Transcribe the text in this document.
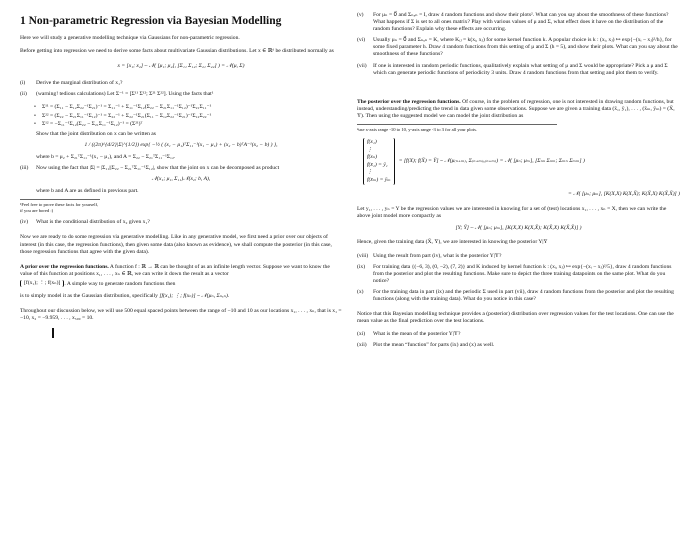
1 Non-parametric Regression via Bayesian Modelling

Here we will study a generative modelling technique via Gaussians for non-parametric regression.

Before getting into regression we need to derive some facts about multivariate Gaussian distributions. Let x ∈ ℝᵈ be distributed normally as

x = [x₁; x₂] ~ 𝒩( [μ₁; μ₂], [Σ₁₁ Σ₁₂; Σ₂₁ Σ₂₂] ) = 𝒩(μ, Σ)
(i)	Derive the marginal distribution of x₁?
(ii)	(warning! tedious calculations) Let Σ⁻¹ = [Σ¹¹ Σ¹²; Σ²¹ Σ²²]. Using the facts that¹
•	Σ¹¹ = (Σ₁₁ − Σ₁₂Σ₂₂⁻¹Σ₂₁)⁻¹ = Σ₁₁⁻¹ + Σ₁₁⁻¹Σ₁₂(Σ₂₂ − Σ₂₁Σ₁₁⁻¹Σ₁₂)⁻¹Σ₂₁Σ₁₁⁻¹
•	Σ²² = (Σ₂₂ − Σ₂₁Σ₁₁⁻¹Σ₁₂)⁻¹ = Σ₂₂⁻¹ + Σ₂₂⁻¹Σ₂₁(Σ₁₁ − Σ₁₂Σ₂₂⁻¹Σ₂₁)⁻¹Σ₁₂Σ₂₂⁻¹
•	Σ¹² = −Σ₁₁⁻¹Σ₁₂(Σ₂₂ − Σ₂₁Σ₁₁⁻¹Σ₁₂)⁻¹ = (Σ²¹)ᵀ

Show that the joint distribution on x can be written as

1 / ((2π)^{d/2}|Σ|^{1/2}) exp{ −½ ( (x₁ − μ₁)ᵀΣ₁₁⁻¹(x₁ − μ₁) + (x₂ − b)ᵀA⁻¹(x₂ − b) ) },

where b = μ₂ + Σ₂₁ᵀΣ₁₁⁻¹(x₁ − μ₁), and A = Σ₂₂ − Σ₂₁ᵀΣ₁₁⁻¹Σ₁₂.

(iii)	Now using the fact that |Σ| = |Σ₁₁||Σ₂₂ − Σ₂₁ᵀΣ₁₁⁻¹Σ₁₂|, show that the joint on x can be decomposed as product
𝒩(x₁; μ₁, Σ₁₁)𝒩(x₂; b, A),

where b and A are as defined in previous part.

¹Feel free to prove these facts for yourself, if you are bored :)
(iv)	What is the conditional distribution of x₂ given x₁?

Now we are ready to do some regression via generative modelling. Like in any generative model, we first need a prior over our objects of interest (in this case, the regression functions), then given some data (also known as evidence), we shall compute the posterior (in this case, those regression functions that agree with the given data).

A prior over the regression functions. A function f : ℝ → ℝ can be thought of as an infinite length vector. Suppose we want to know the value of this function at positions x₁, . . . , xₙ ∈ ℝ, we can write it down the result as a vector

[f(x₁); ⋮; f(xₙ)] . A simple way to generate random functions then

is to simply model it as the Gaussian distribution, specifically [f(x₁); ⋮; f(xₙ)] ~ 𝒩(μₙ, Σₙₓₙ).

Throughout our discussion below, we will use 500 equal spaced points between the range of −10 and 10 as our locations x₁, . . . , xₙ, that is x₁ = −10, x₂ = −9.959, . . . , x₅₀₀ = 10.

(v)	For μₙ = 0⃗ and Σₙₓₙ = I, draw 4 random functions and show their plots². What can you say about the smoothness of these functions? What happens if Σ is set to all ones matrix? Play with various values of μ and Σ, what effect does it have on the distribution of the random functions? Explain why these effects are occurring.
(vi)	Usually μₙ = 0⃗ and Σₙₓₙ = K, where Kᵢⱼ = k(xᵢ, xⱼ) for some kernel function k. A popular choice is k : (xᵢ, xⱼ) ↦ exp{−(xᵢ − xⱼ)²/h}, for some fixed parameter h. Draw 4 random functions from this setting of μ and Σ (h = 5), and show their plots. What can you say about the smoothness of these functions?
(vii)	If one is interested in random periodic functions, qualitatively explain what setting of μ and Σ would be appropriate? Pick a μ and Σ which can generate periodic functions of periodicity 3 units. Draw 4 random functions from that setting and plot them to verify.

The posterior over the regression functions. Of course, in the problem of regression, one is not interested in drawing random functions, but instead, understanding/predicting the trend in data given some observations. Suppose we are given a training data (x̄₁, ȳ₁), . . . , (x̄ₘ, ȳₘ) = (X̄, Ȳ). Then using the suggested model we can model the joint distribution as

²use x-axis range -10 to 10, y-axis range -3 to 3 for all your plots.
f(x₁)
⋮
f(xₙ)
f(x̄₁) = ȳ₁
⋮
f(x̄ₘ) = ȳₘ
= [f(X); f(X̄) = Ȳ] ~ 𝒩(μ₍ₙ₊ₘ₎, Σ₍ₙ₊ₘ₎ₓ₍ₙ₊ₘ₎) = 𝒩( [μₙ; μₘ], [Σₙₙ Σₙₘ; Σₘₙ Σₘₘ] )
= 𝒩( [μₙ; μₘ], [K(X,X) K(X,X̄); K(X̄,X) K(X̄,X̄)] )

Let y₁, . . . , yₙ = Y be the regression values we are interested in knowing for a set of (test) locations x₁, . . . , xₙ = X, then we can write the above joint model more compactly as

[Y; Ȳ] ~ 𝒩( [μₙ; μₘ], [K(X,X) K(X,X̄); K(X̄,X) K(X̄,X̄)] )

Hence, given the training data (X̄, Ȳ), we are interested in knowing the posterior Y|Ȳ

(viii) Using the result from part (iv), what is the posterior Y|Ȳ?
(ix)	For training data {(−6, 3), (0, −2), (7, 2)} and K induced by kernel function k : (xᵢ, xⱼ) ↦ exp{−(xᵢ − xⱼ)²/5}, draw 4 random functions from the posterior and plot the resulting functions. Make sure to depict the three training datapoints on the same plot. What do you notice?
(x)	For the training data in part (ix) and the periodic Σ used in part (vii), draw 4 random functions from the posterior and plot the resulting functions (along with the training data). What do you notice in this case?

Notice that this Bayesian modelling technique provides a (posterior) distribution over regression values for the test locations. One can use the mean value as the final prediction over the test locations.

(xi)	What is the mean of the posterior Y|Ȳ?
(xii)	Plot the mean “function” for parts (ix) and (x) as well.
